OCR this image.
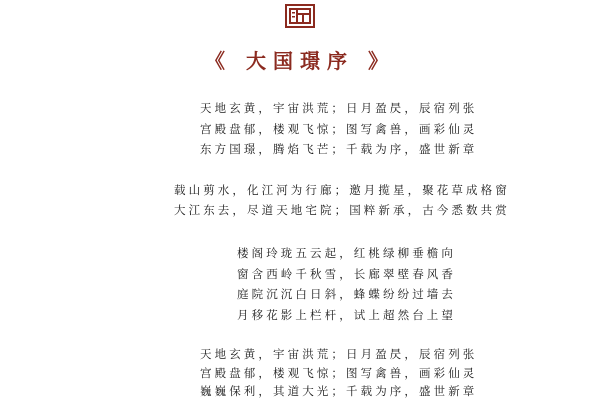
《 大国璟序 》
天地玄黄，宇宙洪荒；日月盈昃，辰宿列张
宫殿盘郁，楼观飞惊；图写禽兽，画彩仙灵
东方国璟，腾焰飞芒；千载为序，盛世新章
载山剪水，化江河为行廊；邀月揽星，聚花草成格窗
大江东去，尽道天地宅院；国粹新承，古今悉数共赏
楼阁玲珑五云起，红桃绿柳垂檐向
窗含西岭千秋雪，长廊翠壁春风香
庭院沉沉白日斜，蜂蝶纷纷过墙去
月移花影上栏杆，试上超然台上望
天地玄黄，宇宙洪荒；日月盈昃，辰宿列张
宫殿盘郁，楼观飞惊；图写禽兽，画彩仙灵
巍巍保利，其道大光；千载为序，盛世新章
